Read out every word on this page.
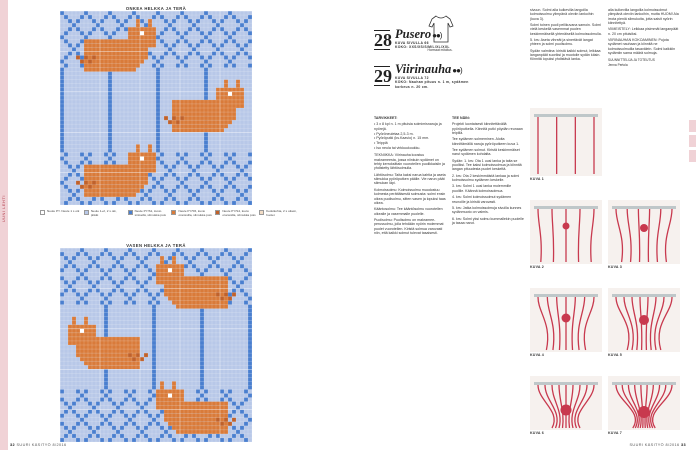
UUNI LEHTI
ONKEA HELKKA JA TERÄ
Neule PY. Neule 1 s oik	Neule 1+2, 2 s oik, pitkät
Neule PY/S1, kuvio sinisellä, silmukka pois
Neule PY/S5, kuvio oranssilla, silmukka pois
Neule PY/S4, kuvio oranssilla, silmukka pois
Keskikohta, 2 s oikein, huolet
VASEN HELKKA JA TERÄ
32 SUURI KÄSITYÖ 8/2016
28 Pusero ●●)
KUVA SIVULLA 66
KOKO: XXS/XS/S/M/L/XL/XXL
29 Viirinauha ●●)
KUVA SIVULLA 72
KOKO: Nauhan pituus n. 1 m, sydämen korkeus n. 20 cm.
Hormaat mitoitus.

TARVIKKEET:

• 3 x 8 kpl n. 1 m pituisia solmimisnaruja ja nyörejä.

• Pyöröneuletaa 2,5-3 m.

• Pyöröputki (ks.Kaavio) n. 15 mm.

• Teippiä

• Iso neula tai virkkuukoukku.

TEKNIIKKA: Viirinauha koostuu makrameesta, jossa niinkuin sydämet on tehty kerroksittain vuorotellen puolikkaisiin ja yhdistetty lähtösolmulla.

Lähtösolmu: Taita kaksi narua kahtia ja aseta silmukka pyöröputken päälle. Vie narun päät silmukan läpi.

Kolmoissolmu: Kolmoissolmu muodostuu kolmesta perättäisestä solmusta: solmi ensin oikea puolisolmu, sitten vasen ja lopuksi taas oikea.

Kääntosolmu: Tee kääntösolmu vuorotellen oikealle ja vasemmalle puolelle.

Puolisolmu: Puolisolmu on makramee-perussolmu, jolla tehdään nyörin molemmat puolet vuorotellen. Kiristä solmua varovasti niin, että kaikki solmut tulevat tasaisesti.

TEE NÄIN:

Projekti luontaisesti kiinnitettävällä pyöröputkella. Kiinnitä putki pöydän reunaan teipillä.

Tee sydämen solmeminen. Aloita kiinnittämällä naruja pyöröputkeen kuva 1.

Tee sydämen solmut. Kiristä keskimmäiset narut sydämen kohdalta.

Sydän: 1. krs: Ota 1 uusi lanka ja taita se puoliksi. Tee kaksi kolmoissolmua ja kiinnitä langan pituudesta puolet keskeltä.

2. krs: Ota 2 keskimmäistä lankaa ja solmi kolmoissolmu sydämen keskelle.

3. krs: Solmi 1 uusi lanka molemmille puolille. Käännä kolmoissolmua.

4. krs: Solmi kolmoissolmut sydämen reunoille ja kiristä varovasti.

5. krs: Jatka kolmoissolmuja sivuilla kunnes sydänmuoto on valmis.

6. krs: Solmi yksi solmu kummallekin puolelle ja tasaa narut.

sivuun. Solmi alla kulkevilla langoilla kolmoissolmu ylimpänä oleviin lankoihin (kuva 3).

Solmi toinen puoli peilikuvana samoin. Solmi vielä keskellä vasemmat puolen keskimmäisellä yhtenäisellä kolmoissolmulla.

5. krs: Aseta vihreät ja sinertävät langat yhteen ja solmi puolisolmu.

Sydän valmiina: kiristä kaikki solmut, leikkaa langanpäät suoriksi ja muotoile sydän käsin. Kiinnitä lopuksi yhdistävä lanka.

alla kulkevilla langoilla kolmoissolmut ylimpänä oleviin lankoihin, mutta HUOM! Ala irrota pieniä silmukoita, jotta saisit nyörin kiinnitettyä.

VIIMEISTELY: Leikkaa pisimmät langanpäät n. 20 cm pituisiksi.

VIIRINAUHAN KOKOAMINEN: Pujota sydämet nauhaan ja kiinnitä ne kolmoissolmuilla tasavälein. Solmi kaikkiin sydämiin sama määrä solmuja.

SUUNNITTELIJA JA TOTEUTUS
Jenna Pertola

KUVA 1
KUVA 2	KUVA 3
KUVA 4	KUVA 5
KUVA 6	KUVA 7
SUURI KÄSITYÖ 8/2016 33
